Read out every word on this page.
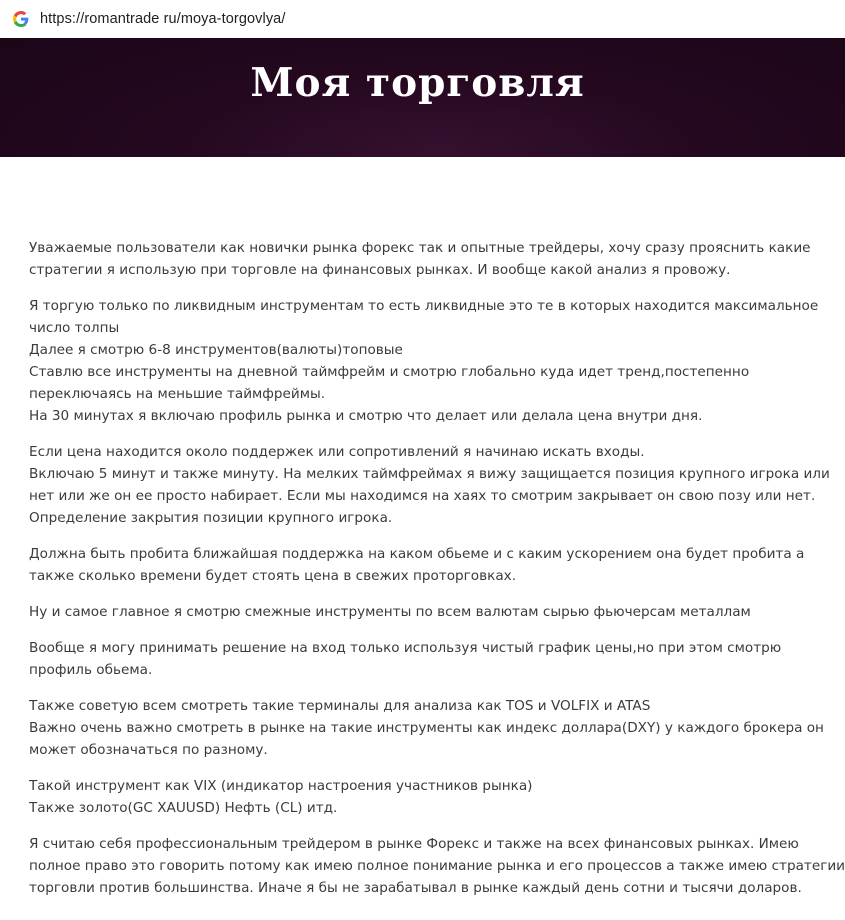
https://romantrade ru/moya-torgovlya/
Моя торговля

Уважаемые пользователи как новички рынка форекс так и опытные трейдеры, хочу сразу прояснить какие
стратегии я использую при торговле на финансовых рынках. И вообще какой анализ я провожу.

Я торгую только по ликвидным инструментам то есть ликвидные это те в которых находится максимальное
число толпы
Далее я смотрю 6-8 инструментов(валюты)топовые
Ставлю все инструменты на дневной таймфрейм и смотрю глобально куда идет тренд,постепенно
переключаясь на меньшие таймфреймы.
На 30 минутах я включаю профиль рынка и смотрю что делает или делала цена внутри дня.

Если цена находится около поддержек или сопротивлений я начинаю искать входы.
Включаю 5 минут и также минуту. На мелких таймфреймах я вижу защищается позиция крупного игрока или
нет или же он ее просто набирает. Если мы находимся на хаях то смотрим закрывает он свою позу или нет.
Определение закрытия позиции крупного игрока.

Должна быть пробита ближайшая поддержка на каком обьеме и с каким ускорением она будет пробита а
также сколько времени будет стоять цена в свежих проторговках.

Ну и самое главное я смотрю смежные инструменты по всем валютам сырью фьючерсам металлам

Вообще я могу принимать решение на вход только используя чистый график цены,но при этом смотрю
профиль обьема.

Также советую всем смотреть такие терминалы для анализа как TOS и VOLFIX и ATAS
Важно очень важно смотреть в рынке на такие инструменты как индекс доллара(DXY) у каждого брокера он
может обозначаться по разному.

Такой инструмент как VIX (индикатор настроения участников рынка)
Также золото(GC XAUUSD) Нефть (CL) итд.

Я считаю себя профессиональным трейдером в рынке Форекс и также на всех финансовых рынках. Имею
полное право это говорить потому как имею полное понимание рынка и его процессов а также имею стратегии
торговли против большинства. Иначе я бы не зарабатывал в рынке каждый день сотни и тысячи доларов.
